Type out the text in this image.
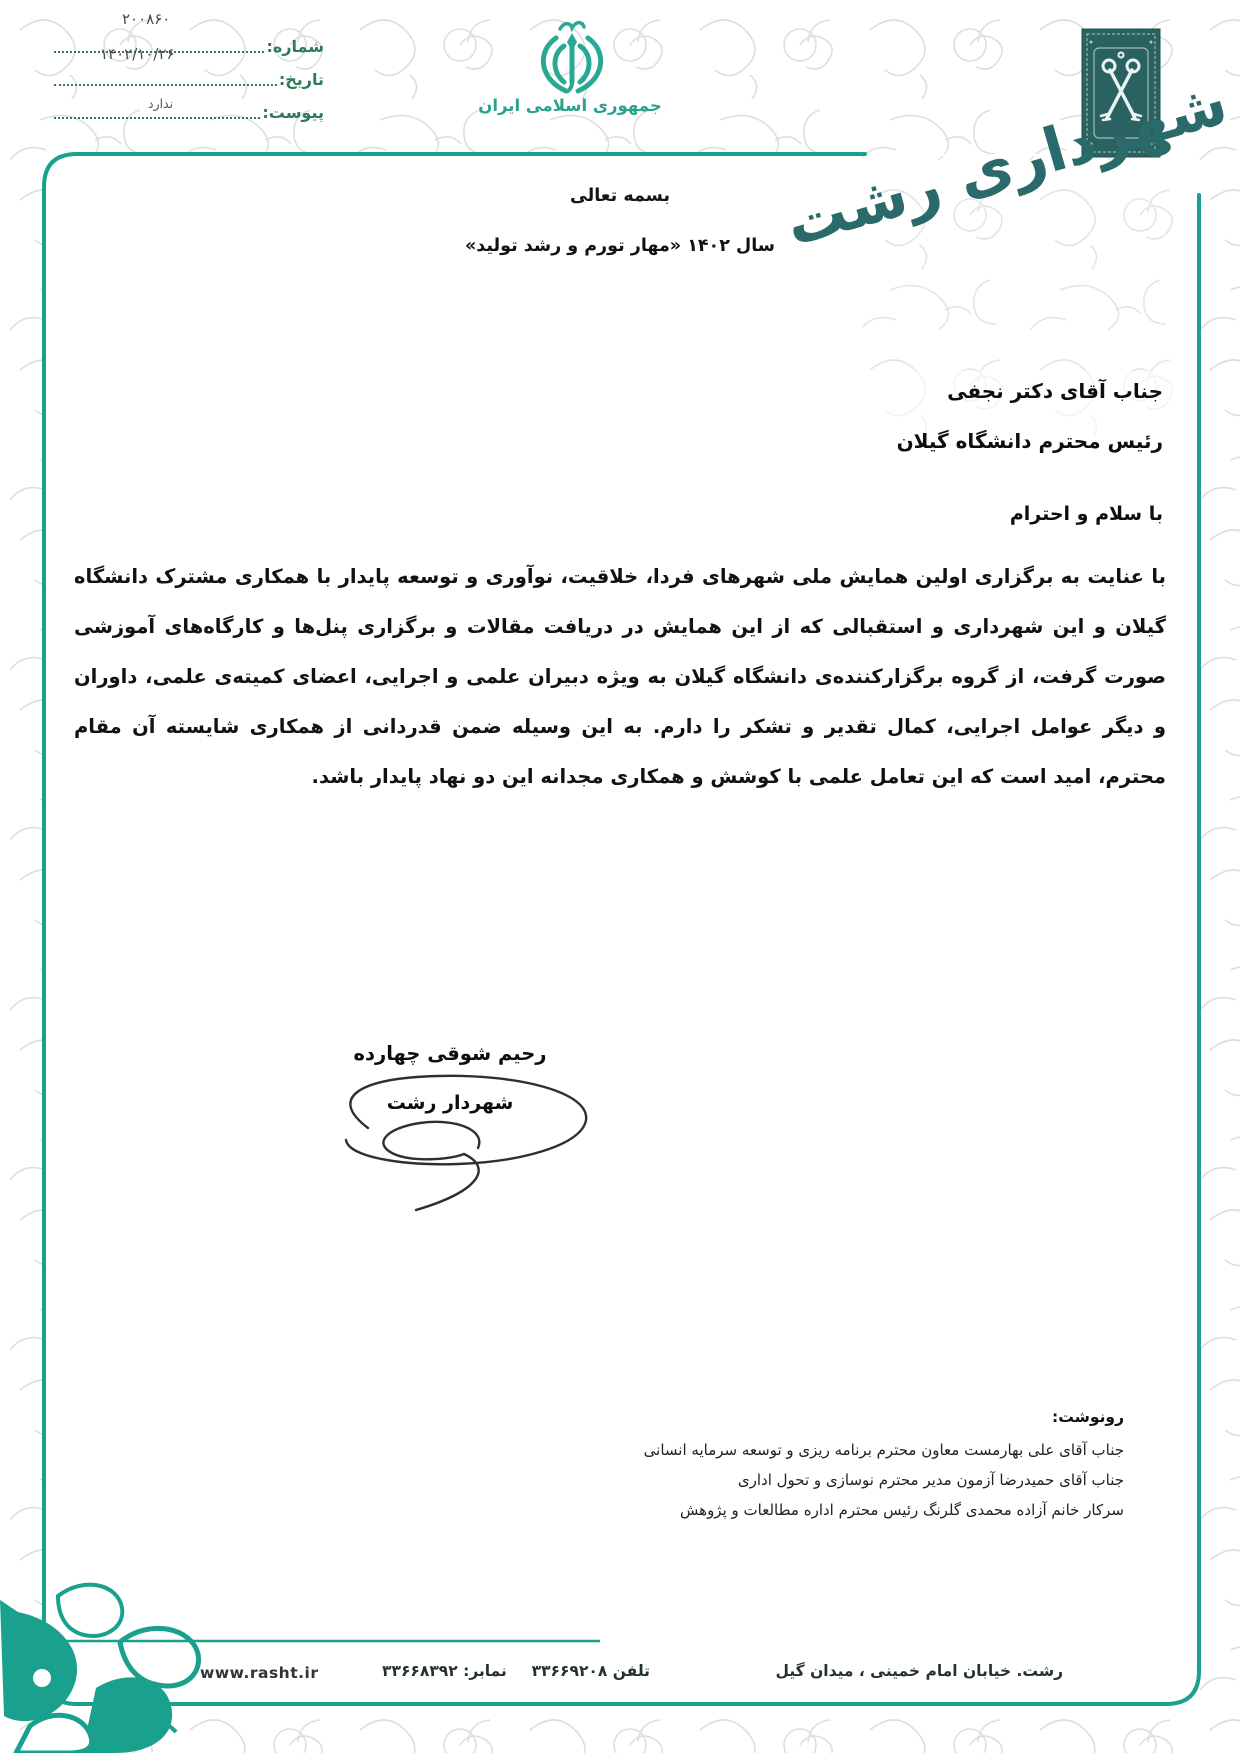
شماره:
۲۰۰۸۶۰
تاریخ:
۱۴۰۲/۱۰/۲۶
پیوست:
ندارد	جمهوری اسلامی ایران	شهرداری رشت
بسمه تعالی
سال ۱۴۰۲ «مهار تورم و رشد تولید»
جناب آقای دکتر نجفی
رئیس محترم دانشگاه گیلان
با سلام و احترام
با عنایت به برگزاری اولین همایش ملی شهرهای فردا، خلاقیت، نوآوری و توسعه پایدار با همکاری مشترک دانشگاه گیلان و این شهرداری و استقبالی که از این همایش در دریافت مقالات و برگزاری پنل‌ها و کارگاه‌های آموزشی صورت گرفت، از گروه برگزارکننده‌ی دانشگاه گیلان به ویژه دبیران علمی و اجرایی، اعضای کمیته‌ی علمی، داوران و دیگر عوامل اجرایی، کمال تقدیر و تشکر را دارم. به این وسیله ضمن قدردانی از همکاری شایسته آن مقام محترم، امید است که این تعامل علمی با کوشش و همکاری مجدانه این دو نهاد پایدار باشد.
رحیم شوقی چهارده
شهردار رشت
رونوشت:
جناب آقای علی بهارمست معاون محترم برنامه ریزی و توسعه سرمایه انسانی
جناب آقای حمیدرضا آزمون مدیر محترم نوسازی و تحول اداری
سرکار خانم آزاده محمدی گلرنگ رئیس محترم اداره مطالعات و پژوهش
رشت. خیابان امام خمینی ، میدان گیل
تلفن ۳۳۶۶۹۲۰۸  نمابر: ۳۳۶۶۸۳۹۲
www.rasht.ir
